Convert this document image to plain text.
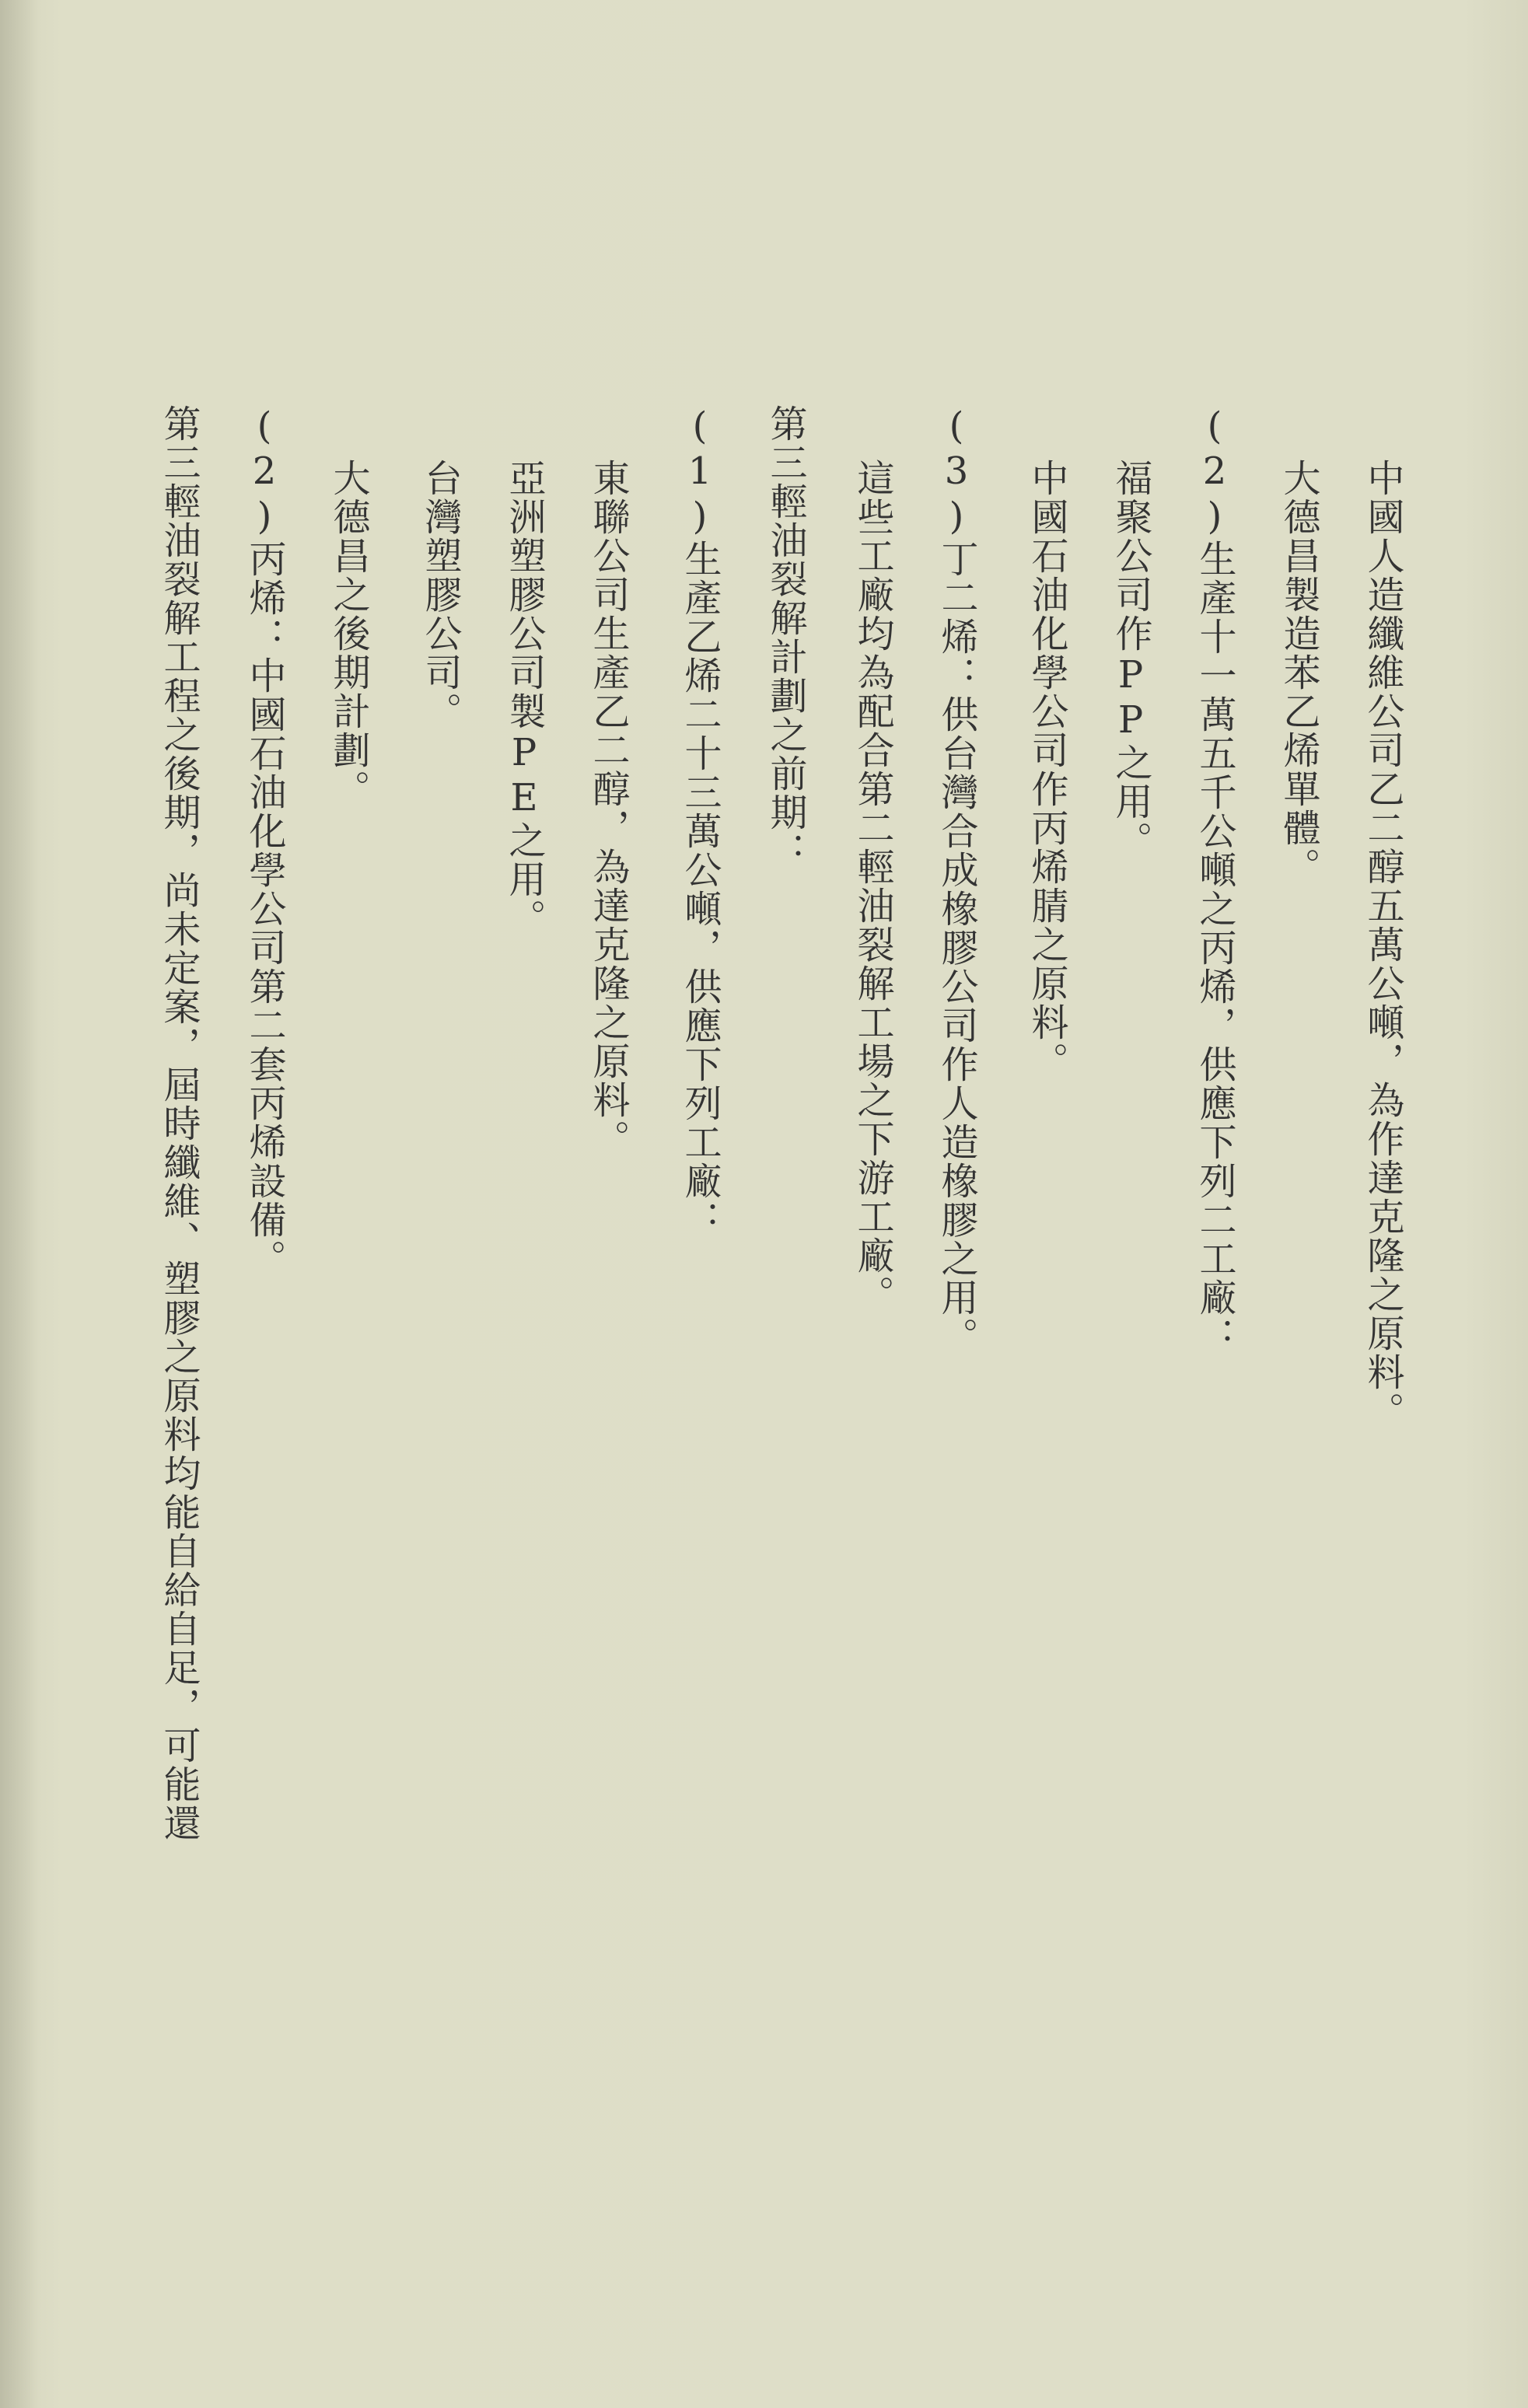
中國人造纖維公司乙二醇五萬公噸，為作達克隆之原料。
大德昌製造苯乙烯單體。
(2)生產十一萬五千公噸之丙烯，供應下列二工廠：
福聚公司作PP之用。
中國石油化學公司作丙烯腈之原料。
(3)丁二烯：供台灣合成橡膠公司作人造橡膠之用。
這些工廠均為配合第二輕油裂解工場之下游工廠。
第三輕油裂解計劃之前期：
(1)生產乙烯二十三萬公噸，供應下列工廠：
東聯公司生產乙二醇，為達克隆之原料。
亞洲塑膠公司製PE之用。
台灣塑膠公司。
大德昌之後期計劃。
(2)丙烯：中國石油化學公司第二套丙烯設備。
第三輕油裂解工程之後期，尚未定案，屆時纖維、塑膠之原料均能自給自足，可能還
